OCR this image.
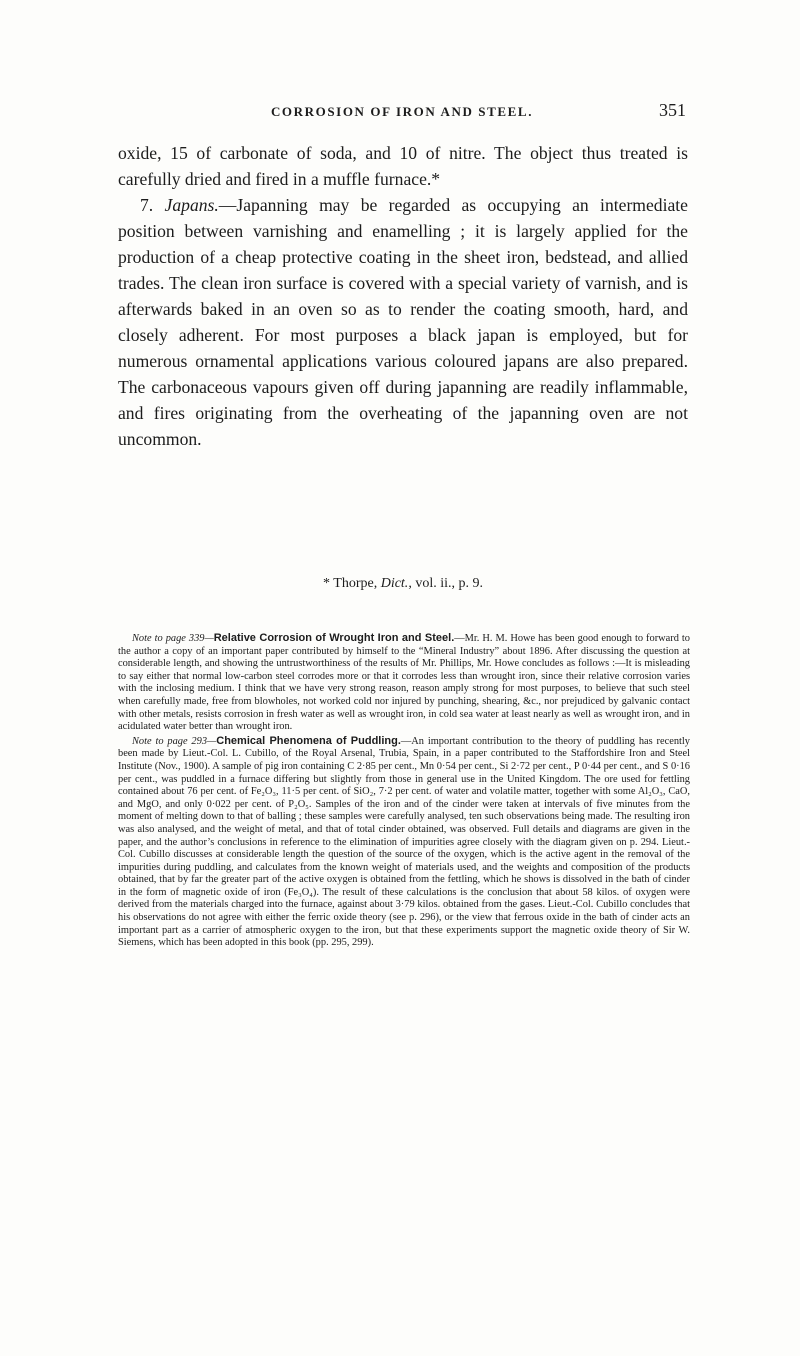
CORROSION OF IRON AND STEEL.	351

oxide, 15 of carbonate of soda, and 10 of nitre. The object thus treated is carefully dried and fired in a muffle furnace.*

7. Japans.—Japanning may be regarded as occupying an intermediate position between varnishing and enamelling ; it is largely applied for the production of a cheap protective coating in the sheet iron, bedstead, and allied trades. The clean iron surface is covered with a special variety of varnish, and is afterwards baked in an oven so as to render the coating smooth, hard, and closely adherent. For most purposes a black japan is employed, but for numerous ornamental applications various coloured japans are also prepared. The carbonaceous vapours given off during japanning are readily inflammable, and fires originating from the overheating of the japanning oven are not uncommon.

* Thorpe, Dict., vol. ii., p. 9.

Note to page 339—Relative Corrosion of Wrought Iron and Steel.—Mr. H. M. Howe has been good enough to forward to the author a copy of an important paper contributed by himself to the “Mineral Industry” about 1896. After discussing the question at considerable length, and showing the untrustworthiness of the results of Mr. Phillips, Mr. Howe concludes as follows :—It is misleading to say either that normal low-carbon steel corrodes more or that it corrodes less than wrought iron, since their relative corrosion varies with the inclosing medium. I think that we have very strong reason, reason amply strong for most purposes, to believe that such steel when carefully made, free from blowholes, not worked cold nor injured by punching, shearing, &c., nor prejudiced by galvanic contact with other metals, resists corrosion in fresh water as well as wrought iron, in cold sea water at least nearly as well as wrought iron, and in acidulated water better than wrought iron.

Note to page 293—Chemical Phenomena of Puddling.—An important contribution to the theory of puddling has recently been made by Lieut.-Col. L. Cubillo, of the Royal Arsenal, Trubia, Spain, in a paper contributed to the Staffordshire Iron and Steel Institute (Nov., 1900). A sample of pig iron containing C 2·85 per cent., Mn 0·54 per cent., Si 2·72 per cent., P 0·44 per cent., and S 0·16 per cent., was puddled in a furnace differing but slightly from those in general use in the United Kingdom. The ore used for fettling contained about 76 per cent. of Fe₂O₃, 11·5 per cent. of SiO₂, 7·2 per cent. of water and volatile matter, together with some Al₂O₃, CaO, and MgO, and only 0·022 per cent. of P₂O₅. Samples of the iron and of the cinder were taken at intervals of five minutes from the moment of melting down to that of balling ; these samples were carefully analysed, ten such observations being made. The resulting iron was also analysed, and the weight of metal, and that of total cinder obtained, was observed. Full details and diagrams are given in the paper, and the author’s conclusions in reference to the elimination of impurities agree closely with the diagram given on p. 294. Lieut.-Col. Cubillo discusses at considerable length the question of the source of the oxygen, which is the active agent in the removal of the impurities during puddling, and calculates from the known weight of materials used, and the weights and composition of the products obtained, that by far the greater part of the active oxygen is obtained from the fettling, which he shows is dissolved in the bath of cinder in the form of magnetic oxide of iron (Fe₃O₄). The result of these calculations is the conclusion that about 58 kilos. of oxygen were derived from the materials charged into the furnace, against about 3·79 kilos. obtained from the gases. Lieut.-Col. Cubillo concludes that his observations do not agree with either the ferric oxide theory (see p. 296), or the view that ferrous oxide in the bath of cinder acts an important part as a carrier of atmospheric oxygen to the iron, but that these experiments support the magnetic oxide theory of Sir W. Siemens, which has been adopted in this book (pp. 295, 299).
